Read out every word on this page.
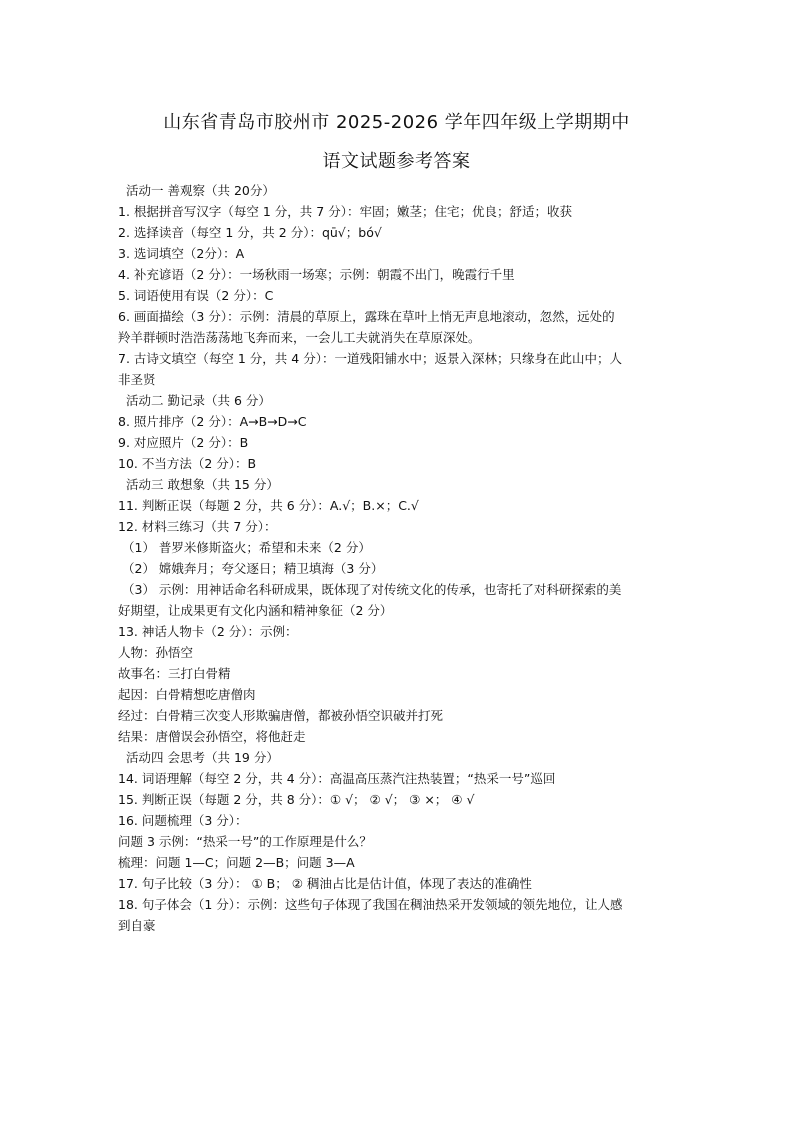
山东省青岛市胶州市 2025-2026 学年四年级上学期期中
语文试题参考答案
活动一 善观察（共 20分）
1. 根据拼音写汉字（每空 1 分，共 7 分）：牢固；嫩茎；住宅；优良；舒适；收获
2. 选择读音（每空 1 分，共 2 分）：qū√；bó√
3. 选词填空（2分）：A
4. 补充谚语（2 分）：一场秋雨一场寒；示例：朝霞不出门，晚霞行千里
5. 词语使用有误（2 分）：C
6. 画面描绘（3 分）：示例：清晨的草原上，露珠在草叶上悄无声息地滚动，忽然，远处的
羚羊群顿时浩浩荡荡地飞奔而来，一会儿工夫就消失在草原深处。
7. 古诗文填空（每空 1 分，共 4 分）：一道残阳铺水中；返景入深林；只缘身在此山中；人
非圣贤
活动二 勤记录（共 6 分）
8. 照片排序（2 分）：A→B→D→C
9. 对应照片（2 分）：B
10. 不当方法（2 分）：B
活动三 敢想象（共 15 分）
11. 判断正误（每题 2 分，共 6 分）：A.√；B.×；C.√
12. 材料三练习（共 7 分）：
（1） 普罗米修斯盗火；希望和未来（2 分）
（2） 嫦娥奔月；夸父逐日；精卫填海（3 分）
（3） 示例：用神话命名科研成果，既体现了对传统文化的传承，也寄托了对科研探索的美
好期望，让成果更有文化内涵和精神象征（2 分）
13. 神话人物卡（2 分）：示例：
人物：孙悟空
故事名：三打白骨精
起因：白骨精想吃唐僧肉
经过：白骨精三次变人形欺骗唐僧，都被孙悟空识破并打死
结果：唐僧误会孙悟空，将他赶走
活动四 会思考（共 19 分）
14. 词语理解（每空 2 分，共 4 分）：高温高压蒸汽注热装置；“热采一号”巡回
15. 判断正误（每题 2 分，共 8 分）：① √； ② √； ③ ×； ④ √
16. 问题梳理（3 分）：
问题 3 示例：“热采一号”的工作原理是什么？
梳理：问题 1—C；问题 2—B；问题 3—A
17. 句子比较（3 分）： ① B； ② 稠油占比是估计值，体现了表达的准确性
18. 句子体会（1 分）：示例：这些句子体现了我国在稠油热采开发领域的领先地位，让人感
到自豪
